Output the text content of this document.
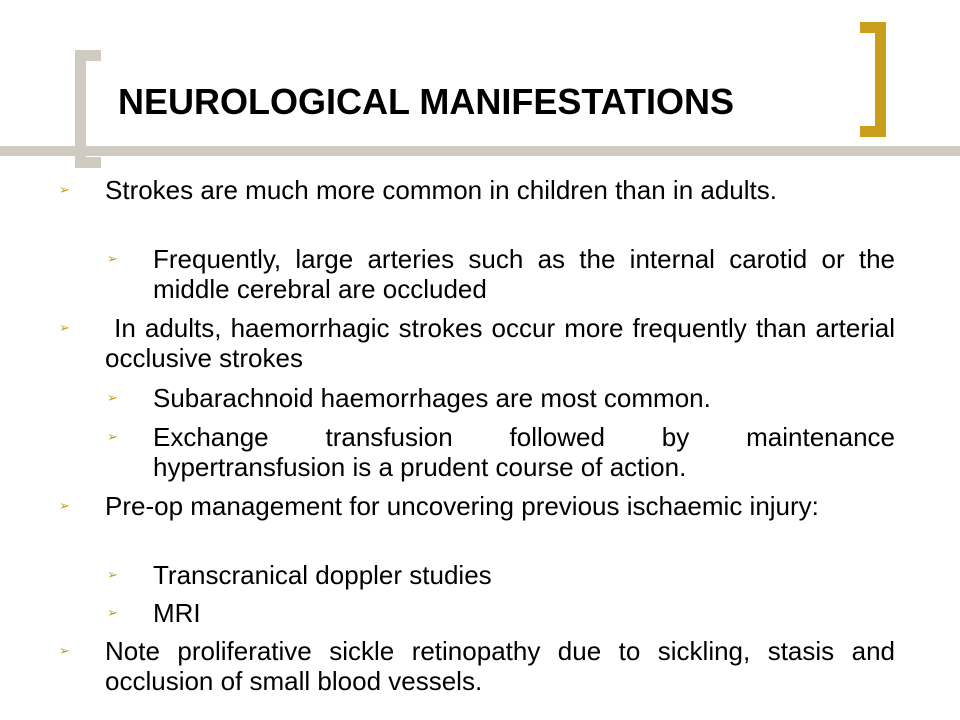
NEUROLOGICAL MANIFESTATIONS
➢ Strokes are much more common in children than in adults.
➢ Frequently, large arteries such as the internal carotid or the middle cerebral are occluded
➢ In adults, haemorrhagic strokes occur more frequently than arterial occlusive strokes
➢ Subarachnoid haemorrhages are most common.
➢ Exchange transfusion followed by maintenance hypertransfusion is a prudent course of action.
➢ Pre-op management for uncovering previous ischaemic injury:
➢ Transcranical doppler studies
➢ MRI
➢ Note proliferative sickle retinopathy due to sickling, stasis and occlusion of small blood vessels.
